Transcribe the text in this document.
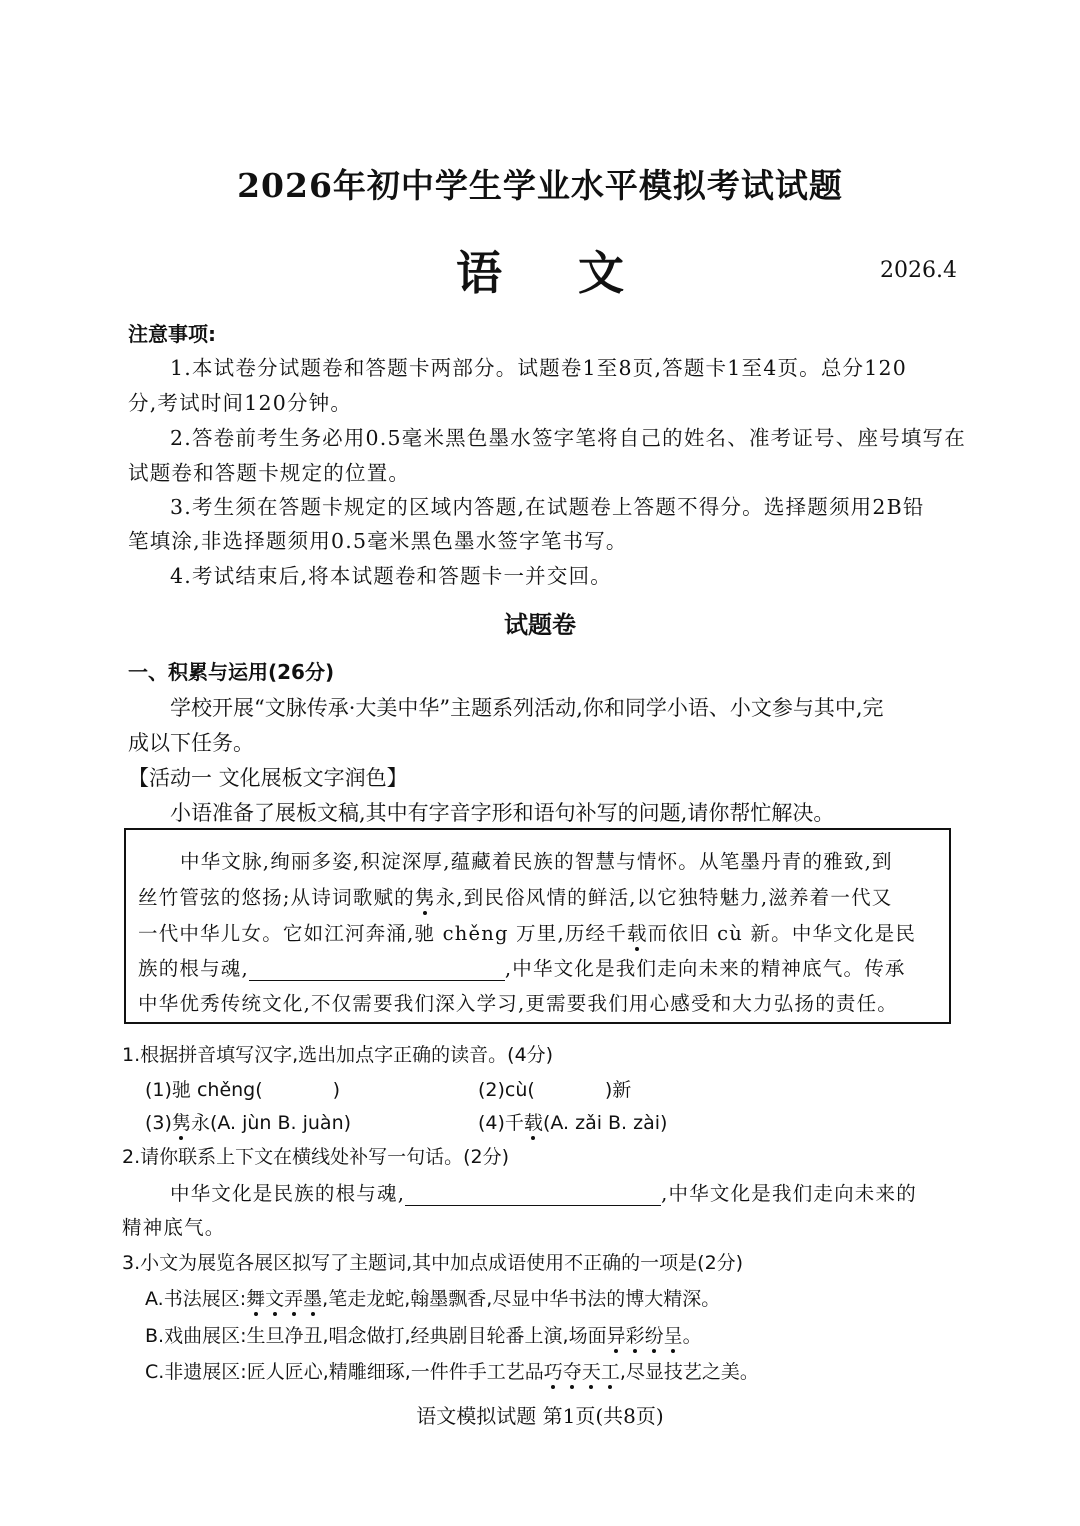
2026年初中学生学业水平模拟考试试题
语 文	2026.4
注意事项:
1.本试卷分试题卷和答题卡两部分。试题卷1至8页,答题卡1至4页。总分120
分,考试时间120分钟。
2.答卷前考生务必用0.5毫米黑色墨水签字笔将自己的姓名、准考证号、座号填写在
试题卷和答题卡规定的位置。
3.考生须在答题卡规定的区域内答题,在试题卷上答题不得分。选择题须用2B铅
笔填涂,非选择题须用0.5毫米黑色墨水签字笔书写。
4.考试结束后,将本试题卷和答题卡一并交回。
试题卷
一、积累与运用(26分)
学校开展“文脉传承·大美中华”主题系列活动,你和同学小语、小文参与其中,完
成以下任务。
【活动一 文化展板文字润色】
小语准备了展板文稿,其中有字音字形和语句补写的问题,请你帮忙解决。
中华文脉,绚丽多姿,积淀深厚,蕴藏着民族的智慧与情怀。从笔墨丹青的雅致,到
丝竹管弦的悠扬;从诗词歌赋的隽永,到民俗风情的鲜活,以它独特魅力,滋养着一代又
一代中华儿女。它如江河奔涌,驰 chěng 万里,历经千载而依旧 cù 新。中华文化是民
族的根与魂,	,中华文化是我们走向未来的精神底气。传承
中华优秀传统文化,不仅需要我们深入学习,更需要我们用心感受和大力弘扬的责任。
1.根据拼音填写汉字,选出加点字正确的读音。(4分)
(1)驰 chěng(	)	(2)cù(	)新
(3)隽永(A. jùn B. juàn)	(4)千载(A. zǎi B. zài)
2.请你联系上下文在横线处补写一句话。(2分)
中华文化是民族的根与魂,	,中华文化是我们走向未来的
精神底气。
3.小文为展览各展区拟写了主题词,其中加点成语使用不正确的一项是(2分)
A.书法展区:舞文弄墨,笔走龙蛇,翰墨飘香,尽显中华书法的博大精深。
B.戏曲展区:生旦净丑,唱念做打,经典剧目轮番上演,场面异彩纷呈。
C.非遗展区:匠人匠心,精雕细琢,一件件手工艺品巧夺天工,尽显技艺之美。
语文模拟试题 第1页(共8页)
